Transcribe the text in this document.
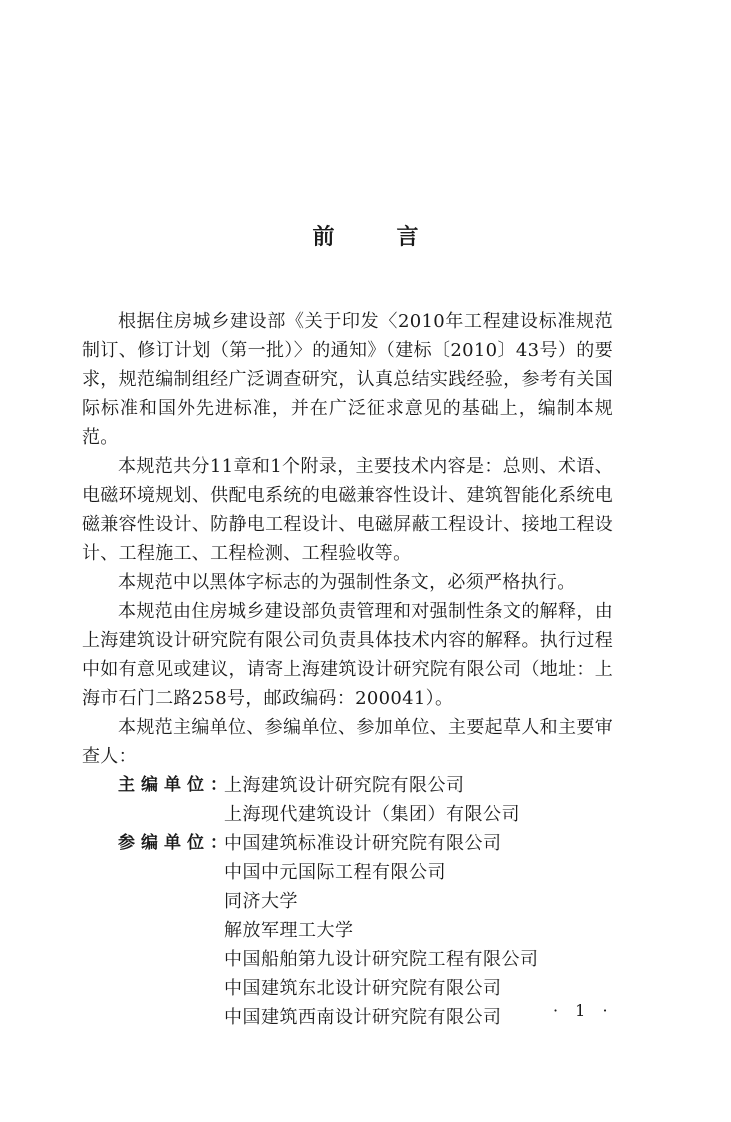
前	言

根据住房城乡建设部《关于印发〈2010年工程建设标准规范制订、修订计划（第一批）〉的通知》（建标〔2010〕43号）的要求，规范编制组经广泛调查研究，认真总结实践经验，参考有关国际标准和国外先进标准，并在广泛征求意见的基础上，编制本规范。

本规范共分11章和1个附录，主要技术内容是：总则、术语、电磁环境规划、供配电系统的电磁兼容性设计、建筑智能化系统电磁兼容性设计、防静电工程设计、电磁屏蔽工程设计、接地工程设计、工程施工、工程检测、工程验收等。

本规范中以黑体字标志的为强制性条文，必须严格执行。

本规范由住房城乡建设部负责管理和对强制性条文的解释，由上海建筑设计研究院有限公司负责具体技术内容的解释。执行过程中如有意见或建议，请寄上海建筑设计研究院有限公司（地址：上海市石门二路258号，邮政编码：200041）。

本规范主编单位、参编单位、参加单位、主要起草人和主要审查人：

主编单位：
上海建筑设计研究院有限公司
上海现代建筑设计（集团）有限公司
参编单位：
中国建筑标准设计研究院有限公司
中国中元国际工程有限公司
同济大学
解放军理工大学
中国船舶第九设计研究院工程有限公司
中国建筑东北设计研究院有限公司
中国建筑西南设计研究院有限公司	· 1 ·
